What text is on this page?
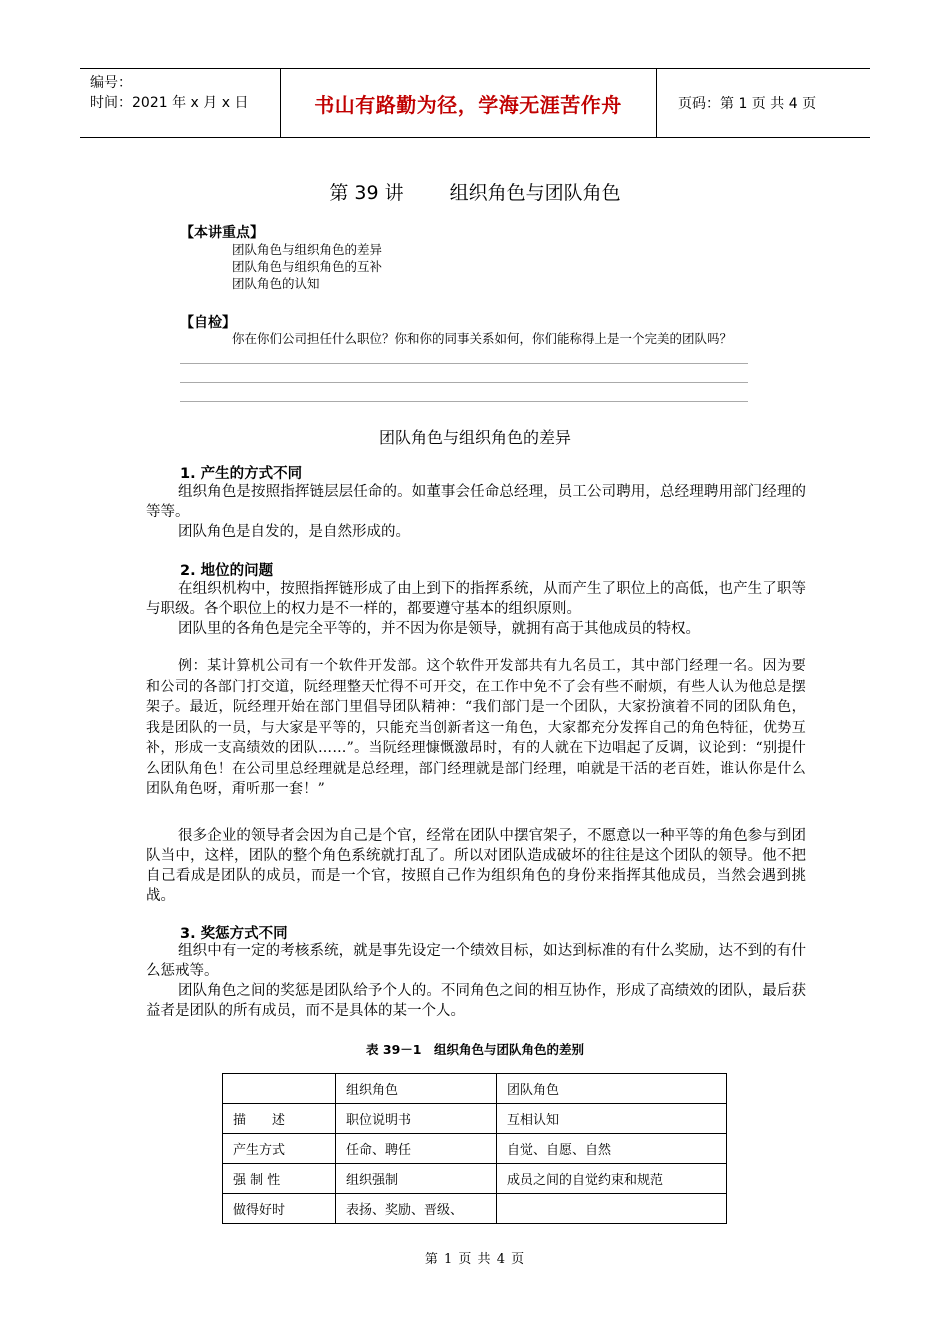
编号：
时间：2021 年 x 月 x 日	书山有路勤为径，学海无涯苦作舟	页码：第 1 页 共 4 页
第 39 讲 组织角色与团队角色
【本讲重点】
团队角色与组织角色的差异
团队角色与组织角色的互补
团队角色的认知
【自检】
你在你们公司担任什么职位？你和你的同事关系如何，你们能称得上是一个完美的团队吗？
团队角色与组织角色的差异
1. 产生的方式不同
组织角色是按照指挥链层层任命的。如董事会任命总经理，员工公司聘用，总经理聘用部门经理的等等。
团队角色是自发的，是自然形成的。
2. 地位的问题
在组织机构中，按照指挥链形成了由上到下的指挥系统，从而产生了职位上的高低，也产生了职等与职级。各个职位上的权力是不一样的，都要遵守基本的组织原则。
团队里的各角色是完全平等的，并不因为你是领导，就拥有高于其他成员的特权。
例：某计算机公司有一个软件开发部。这个软件开发部共有九名员工，其中部门经理一名。因为要和公司的各部门打交道，阮经理整天忙得不可开交，在工作中免不了会有些不耐烦，有些人认为他总是摆架子。最近，阮经理开始在部门里倡导团队精神：“我们部门是一个团队，大家扮演着不同的团队角色，我是团队的一员，与大家是平等的，只能充当创新者这一角色，大家都充分发挥自己的角色特征，优势互补，形成一支高绩效的团队……”。当阮经理慷慨激昂时，有的人就在下边唱起了反调，议论到：“别提什么团队角色！在公司里总经理就是总经理，部门经理就是部门经理，咱就是干活的老百姓，谁认你是什么团队角色呀，甭听那一套！”
很多企业的领导者会因为自己是个官，经常在团队中摆官架子，不愿意以一种平等的角色参与到团队当中，这样，团队的整个角色系统就打乱了。所以对团队造成破坏的往往是这个团队的领导。他不把自己看成是团队的成员，而是一个官，按照自己作为组织角色的身份来指挥其他成员，当然会遇到挑战。
3. 奖惩方式不同
组织中有一定的考核系统，就是事先设定一个绩效目标，如达到标准的有什么奖励，达不到的有什么惩戒等。
团队角色之间的奖惩是团队给予个人的。不同角色之间的相互协作，形成了高绩效的团队，最后获益者是团队的所有成员，而不是具体的某一个人。
表 39－1　组织角色与团队角色的差别
	组织角色	团队角色
描　　述	职位说明书	互相认知
产生方式	任命、聘任	自觉、自愿、自然
强 制 性	组织强制	成员之间的自觉约束和规范
做得好时	表扬、奖励、晋级、	
第 1 页 共 4 页
